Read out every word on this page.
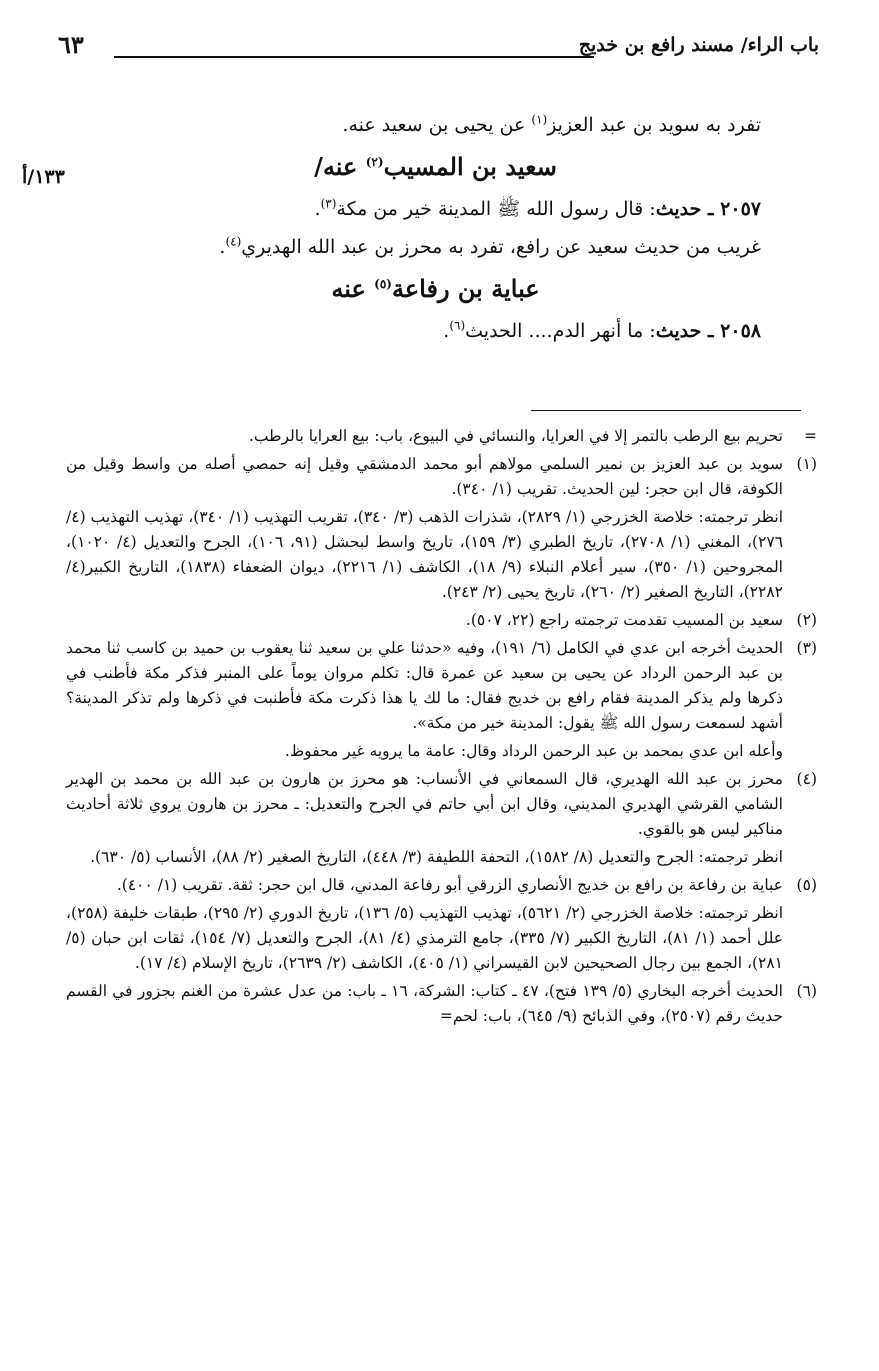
باب الراء/ مسند رافع بن خديج
٦٣
١٣٣/أ
تفرد به سويد بن عبد العزيز$^{(١)}$ عن يحيى بن سعيد عنه.
سعيد بن المسيب$^{(٢)}$ عنه/
٢٠٥٧ ـ حديث: قال رسول الله ﷺ المدينة خير من مكة$^{(٣)}$.
غريب من حديث سعيد عن رافع، تفرد به محرز بن عبد الله الهديري$^{(٤)}$.
عباية بن رفاعة$^{(٥)}$ عنه
٢٠٥٨ ـ حديث: ما أنهر الدم.... الحديث$^{(٦)}$.
=

تحريم بيع الرطب بالتمر إلا في العرايا، والنسائي في البيوع، باب: بيع العرايا بالرطب.

(١)

سويد بن عبد العزيز بن نمير السلمي مولاهم أبو محمد الدمشقي وقيل إنه حمصي أصله من واسط وقيل من الكوفة، قال ابن حجر: لين الحديث. تقريب (١/ ٣٤٠).

انظر ترجمته: خلاصة الخزرجي (١/ ٢٨٢٩)، شذرات الذهب (٣/ ٣٤٠)، تقريب التهذيب (١/ ٣٤٠)، تهذيب التهذيب (٤/ ٢٧٦)، المغني (١/ ٢٧٠٨)، تاريخ الطبري (٣/ ١٥٩)، تاريخ واسط لبحشل (٩١، ١٠٦)، الجرح والتعديل (٤/ ١٠٢٠)، المجروحين (١/ ٣٥٠)، سير أعلام النبلاء (٩/ ١٨)، الكاشف (١/ ٢٢١٦)، ديوان الضعفاء (١٨٣٨)، التاريخ الكبير(٤/ ٢٢٨٢)، التاريخ الصغير (٢/ ٢٦٠)، تاريخ يحيى (٢/ ٢٤٣).

(٢)

سعيد بن المسيب تقدمت ترجمته راجع (٢٢، ٥٠٧).

(٣)

الحديث أخرجه ابن عدي في الكامل (٦/ ١٩١)، وفيه «حدثنا علي بن سعيد ثنا يعقوب بن حميد بن كاسب ثنا محمد بن عبد الرحمن الرداد عن يحيى بن سعيد عن عمرة قال: تكلم مروان يوماً على المنبر فذكر مكة فأطنب في ذكرها ولم يذكر المدينة فقام رافع بن خديج فقال: ما لك يا هذا ذكرت مكة فأطنبت في ذكرها ولم تذكر المدينة؟ أشهد لسمعت رسول الله ﷺ يقول: المدينة خير من مكة».

وأعله ابن عدي بمحمد بن عبد الرحمن الرداد وقال: عامة ما يرويه غير محفوظ.

(٤)

محرز بن عبد الله الهديري، قال السمعاني في الأنساب: هو محرز بن هارون بن عبد الله بن محمد بن الهدير الشامي القرشي الهديري المديني، وقال ابن أبي حاتم في الجرح والتعديل: ـ محرز بن هارون يروي ثلاثة أحاديث مناكير ليس هو بالقوي.

انظر ترجمته: الجرح والتعديل (٨/ ١٥٨٢)، التحفة اللطيفة (٣/ ٤٤٨)، التاريخ الصغير (٢/ ٨٨)، الأنساب (٥/ ٦٣٠).

(٥)

عباية بن رفاعة بن رافع بن خديج الأنصاري الزرقي أبو رفاعة المدني، قال ابن حجر: ثقة. تقريب (١/ ٤٠٠).

انظر ترجمته: خلاصة الخزرجي (٢/ ٥٦٢١)، تهذيب التهذيب (٥/ ١٣٦)، تاريخ الدوري (٢/ ٢٩٥)، طبقات خليفة (٢٥٨)، علل أحمد (١/ ٨١)، التاريخ الكبير (٧/ ٣٣٥)، جامع الترمذي (٤/ ٨١)، الجرح والتعديل (٧/ ١٥٤)، ثقات ابن حبان (٥/ ٢٨١)، الجمع بين رجال الصحيحين لابن القيسراني (١/ ٤٠٥)، الكاشف (٢/ ٢٦٣٩)، تاريخ الإسلام (٤/ ١٧).

(٦)

الحديث أخرجه البخاري (٥/ ١٣٩ فتح)، ٤٧ ـ كتاب: الشركة، ١٦ ـ باب: من عدل عشرة من الغنم بجزور في القسم حديث رقم (٢٥٠٧)، وفي الذبائح (٩/ ٦٤٥)، باب: لحم=
